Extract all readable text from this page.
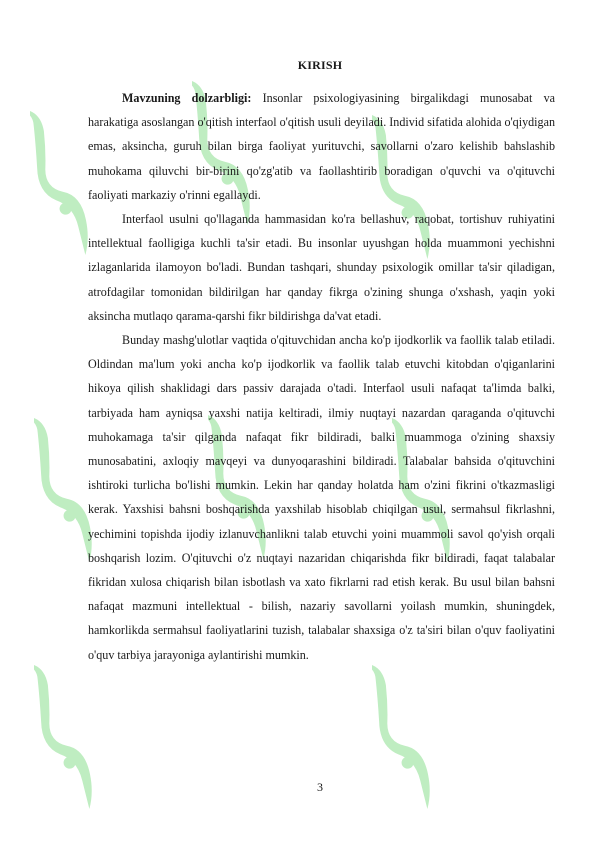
KIRISH

Mavzuning dolzarbligi: Insonlar psixologiyasining birgalikdagi munosabat va harakatiga asoslangan o'qitish interfaol o'qitish usuli deyiladi. Individ sifatida alohida o'qiydigan emas, aksincha, guruh bilan birga faoliyat yurituvchi, savollarni o'zaro kelishib bahslashib muhokama qiluvchi bir-birini qo'zg'atib va faollashtirib boradigan o'quvchi va o'qituvchi faoliyati markaziy o'rinni egallaydi.

Interfaol usulni qo'llaganda hammasidan ko'ra bellashuv, raqobat, tortishuv ruhiyatini intellektual faolligiga kuchli ta'sir etadi. Bu insonlar uyushgan holda muammoni yechishni izlaganlarida ilamoyon bo'ladi. Bundan tashqari, shunday psixologik omillar ta'sir qiladigan, atrofdagilar tomonidan bildirilgan har qanday fikrga o'zining shunga o'xshash, yaqin yoki aksincha mutlaqo qarama-qarshi fikr bildirishga da'vat etadi.

Bunday mashg'ulotlar vaqtida o'qituvchidan ancha ko'p ijodkorlik va faollik talab etiladi. Oldindan ma'lum yoki ancha ko'p ijodkorlik va faollik talab etuvchi kitobdan o'qiganlarini hikoya qilish shaklidagi dars passiv darajada o'tadi. Interfaol usuli nafaqat ta'limda balki, tarbiyada ham ayniqsa yaxshi natija keltiradi, ilmiy nuqtayi nazardan qaraganda o'qituvchi muhokamaga ta'sir qilganda nafaqat fikr bildiradi, balki muammoga o'zining shaxsiy munosabatini, axloqiy mavqeyi va dunyoqarashini bildiradi. Talabalar bahsida o'qituvchini ishtiroki turlicha bo'lishi mumkin. Lekin har qanday holatda ham o'zini fikrini o'tkazmasligi kerak. Yaxshisi bahsni boshqarishda yaxshilab hisoblab chiqilgan usul, sermahsul fikrlashni, yechimini topishda ijodiy izlanuvchanlikni talab etuvchi yoini muammoli savol qo'yish orqali boshqarish lozim. O'qituvchi o'z nuqtayi nazaridan chiqarishda fikr bildiradi, faqat talabalar fikridan xulosa chiqarish bilan isbotlash va xato fikrlarni rad etish kerak. Bu usul bilan bahsni nafaqat mazmuni intellektual - bilish, nazariy savollarni yoilash mumkin, shuningdek, hamkorlikda sermahsul faoliyatlarini tuzish, talabalar shaxsiga o'z ta'siri bilan o'quv faoliyatini o'quv tarbiya jarayoniga aylantirishi mumkin.

3
